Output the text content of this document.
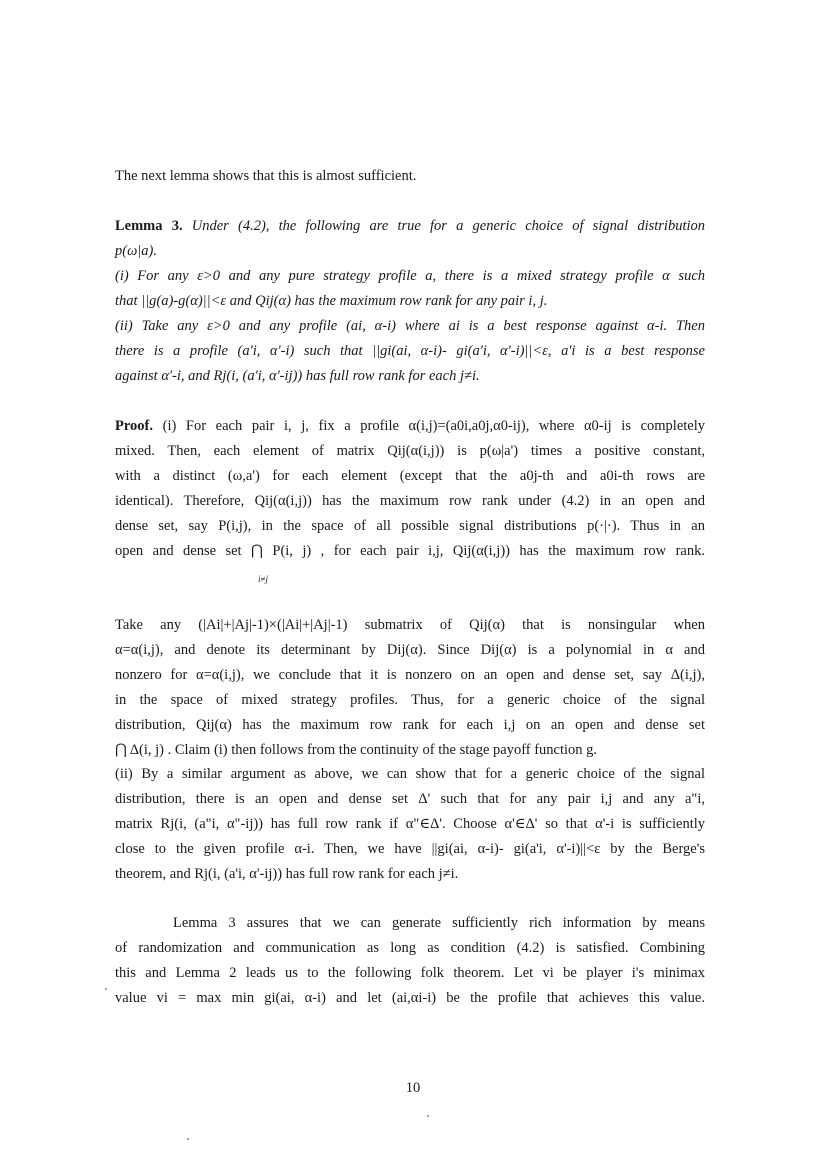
The next lemma shows that this is almost sufficient.
Lemma 3. Under (4.2), the following are true for a generic choice of signal distribution
p(ω|a).
(i) For any ε>0 and any pure strategy profile a, there is a mixed strategy profile α such
that ||g(a)-g(α)||<ε and Qij(α) has the maximum row rank for any pair i, j.
(ii) Take any ε>0 and any profile (ai, α-i) where ai is a best response against α-i. Then
there is a profile (a'i, α'-i) such that ||gi(ai, α-i)- gi(a'i, α'-i)||<ε, a'i is a best response
against α'-i, and Rj(i, (a'i, α'-ij)) has full row rank for each j≠i.
Proof. (i) For each pair i, j, fix a profile α(i,j)=(a0i,a0j,α0-ij), where α0-ij is completely
mixed. Then, each element of matrix Qij(α(i,j)) is p(ω|a') times a positive constant,
with a distinct (ω,a') for each element (except that the a0j-th and a0i-th rows are
identical). Therefore, Qij(α(i,j)) has the maximum row rank under (4.2) in an open and
dense set, say P(i,j), in the space of all possible signal distributions p(·|·). Thus in an
open and dense set ⋂ P(i, j) , for each pair i,j, Qij(α(i,j)) has the maximum row rank.
i≠j
Take any (|Ai|+|Aj|-1)×(|Ai|+|Aj|-1) submatrix of Qij(α) that is nonsingular when
α=α(i,j), and denote its determinant by Dij(α). Since Dij(α) is a polynomial in α and
nonzero for α=α(i,j), we conclude that it is nonzero on an open and dense set, say Δ(i,j),
in the space of mixed strategy profiles. Thus, for a generic choice of the signal
distribution, Qij(α) has the maximum row rank for each i,j on an open and dense set
⋂ Δ(i, j) . Claim (i) then follows from the continuity of the stage payoff function g.
(ii) By a similar argument as above, we can show that for a generic choice of the signal
distribution, there is an open and dense set Δ' such that for any pair i,j and any a"i,
matrix Rj(i, (a"i, α"-ij)) has full row rank if α"∈Δ'. Choose α'∈Δ' so that α'-i is sufficiently
close to the given profile α-i. Then, we have ||gi(ai, α-i)- gi(a'i, α'-i)||<ε by the Berge's
theorem, and Rj(i, (a'i, α'-ij)) has full row rank for each j≠i.
Lemma 3 assures that we can generate sufficiently rich information by means
of randomization and communication as long as condition (4.2) is satisfied. Combining
this and Lemma 2 leads us to the following folk theorem. Let vi be player i's minimax
value vi = max min gi(ai, α-i) and let (ai,αi-i) be the profile that achieves this value.
10
